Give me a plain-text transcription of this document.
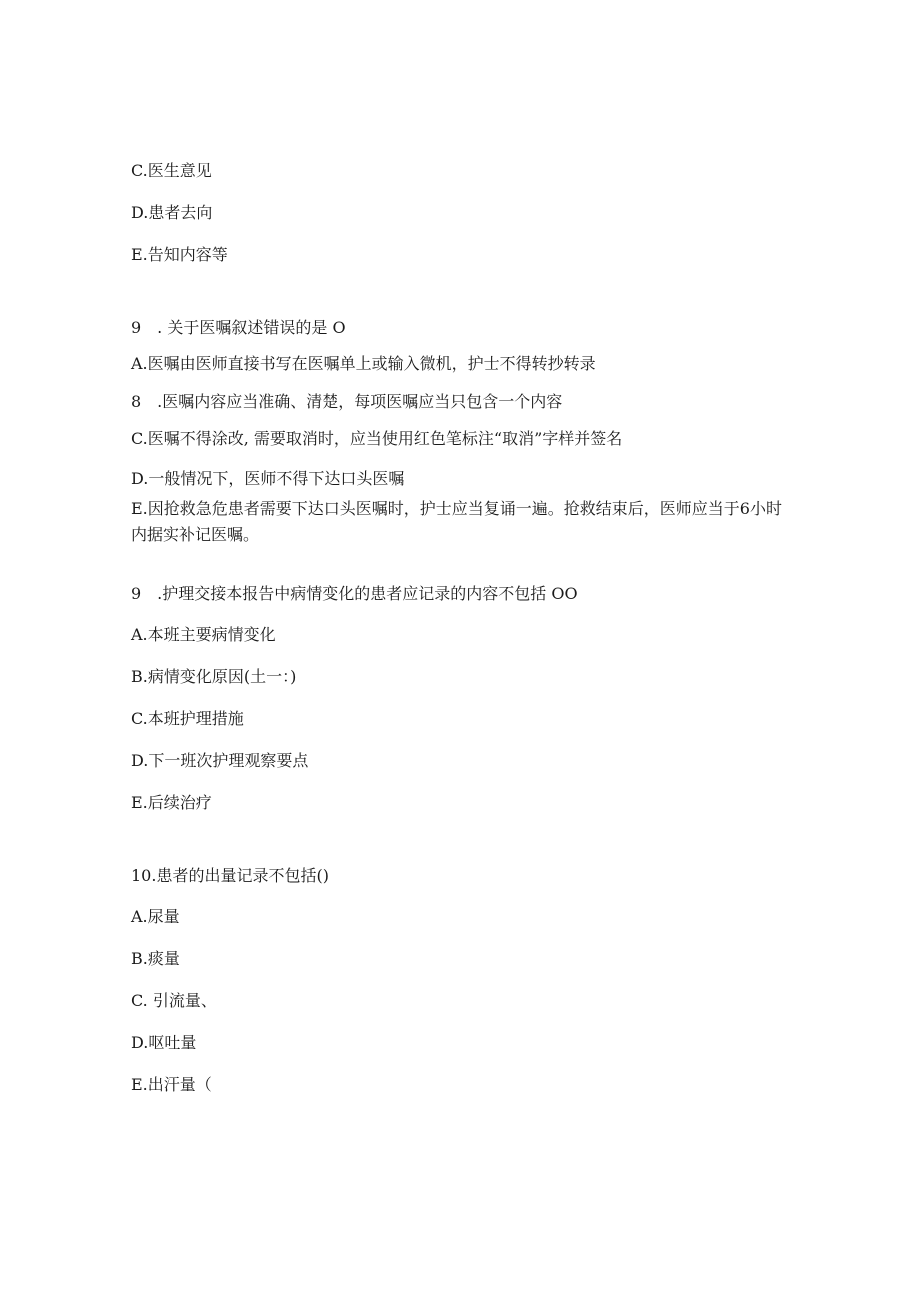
C.医生意见
D.患者去向
E.告知内容等
9　. 关于医嘱叙述错误的是 O
A.医嘱由医师直接书写在医嘱单上或输入微机，护士不得转抄转录
8　.医嘱内容应当准确、清楚，每项医嘱应当只包含一个内容
C.医嘱不得涂改, 需要取消时，应当使用红色笔标注“取消”字样并签名
D.一般情况下，医师不得下达口头医嘱
E.因抢救急危患者需要下达口头医嘱时，护士应当复诵一遍。抢救结束后，医师应当于6小时内据实补记医嘱。
9　.护理交接本报告中病情变化的患者应记录的内容不包括 OO
A.本班主要病情变化
B.病情变化原因(土一：)
C.本班护理措施
D.下一班次护理观察要点
E.后续治疗
10.患者的出量记录不包括()
A.尿量
B.痰量
C. 引流量、
D.呕吐量
E.出汗量（
